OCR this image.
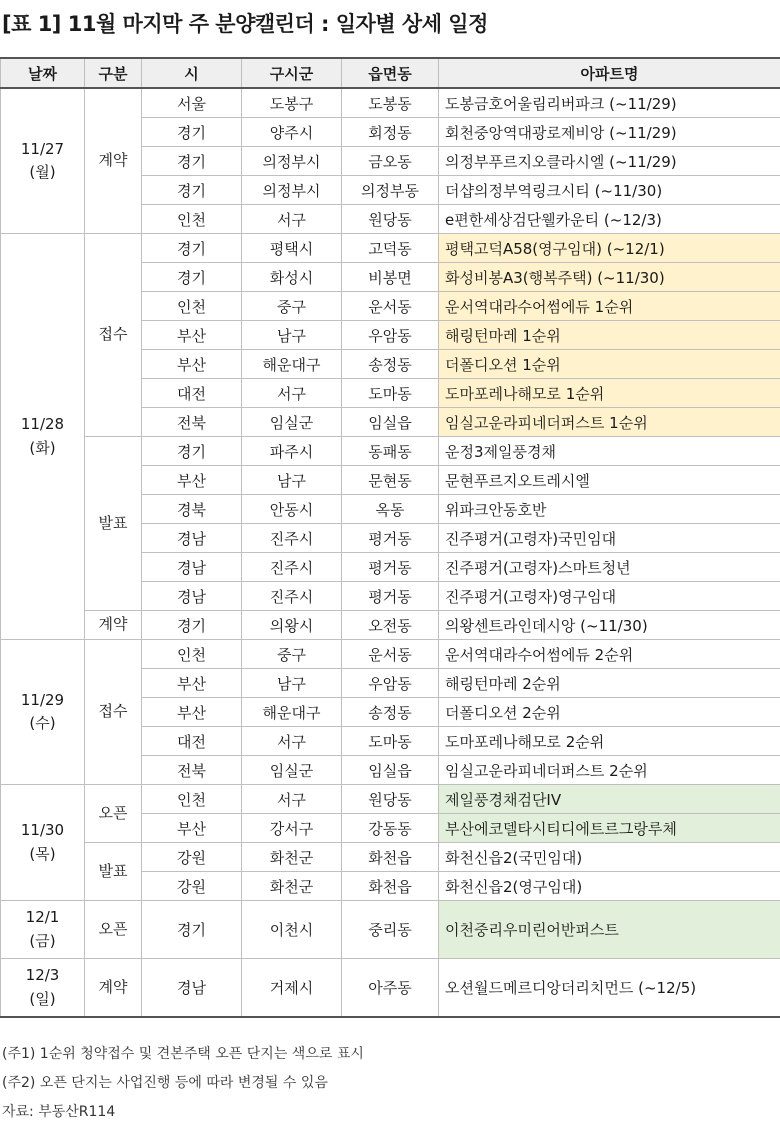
[표 1] 11월 마지막 주 분양캘린더 : 일자별 상세 일정
날짜	구분	시	구시군	읍면동	아파트명
11/27
(월)	계약	서울	도봉구	도봉동	도봉금호어울림리버파크 (~11/29)
		경기	양주시	회정동	회천중앙역대광로제비앙 (~11/29)
		경기	의정부시	금오동	의정부푸르지오클라시엘 (~11/29)
		경기	의정부시	의정부동	더샵의정부역링크시티 (~11/30)
		인천	서구	원당동	e편한세상검단웰카운티 (~12/3)
11/28
(화)	접수	경기	평택시	고덕동	평택고덕A58(영구임대) (~12/1)
		경기	화성시	비봉면	화성비봉A3(행복주택) (~11/30)
		인천	중구	운서동	운서역대라수어썸에듀 1순위
		부산	남구	우암동	해링턴마레 1순위
		부산	해운대구	송정동	더폴디오션 1순위
		대전	서구	도마동	도마포레나해모로 1순위
		전북	임실군	임실읍	임실고운라피네더퍼스트 1순위
	발표	경기	파주시	동패동	운정3제일풍경채
		부산	남구	문현동	문현푸르지오트레시엘
		경북	안동시	옥동	위파크안동호반
		경남	진주시	평거동	진주평거(고령자)국민임대
		경남	진주시	평거동	진주평거(고령자)스마트청년
		경남	진주시	평거동	진주평거(고령자)영구임대
	계약	경기	의왕시	오전동	의왕센트라인데시앙 (~11/30)
11/29
(수)	접수	인천	중구	운서동	운서역대라수어썸에듀 2순위
		부산	남구	우암동	해링턴마레 2순위
		부산	해운대구	송정동	더폴디오션 2순위
		대전	서구	도마동	도마포레나해모로 2순위
		전북	임실군	임실읍	임실고운라피네더퍼스트 2순위
11/30
(목)	오픈	인천	서구	원당동	제일풍경채검단IV
		부산	강서구	강동동	부산에코델타시티디에트르그랑루체
	발표	강원	화천군	화천읍	화천신읍2(국민임대)
		강원	화천군	화천읍	화천신읍2(영구임대)
12/1
(금)	오픈	경기	이천시	중리동	이천중리우미린어반퍼스트
12/3
(일)	계약	경남	거제시	아주동	오션월드메르디앙더리치먼드 (~12/5)
(주1) 1순위 청약접수 및 견본주택 오픈 단지는 색으로 표시
(주2) 오픈 단지는 사업진행 등에 따라 변경될 수 있음
자료: 부동산R114
